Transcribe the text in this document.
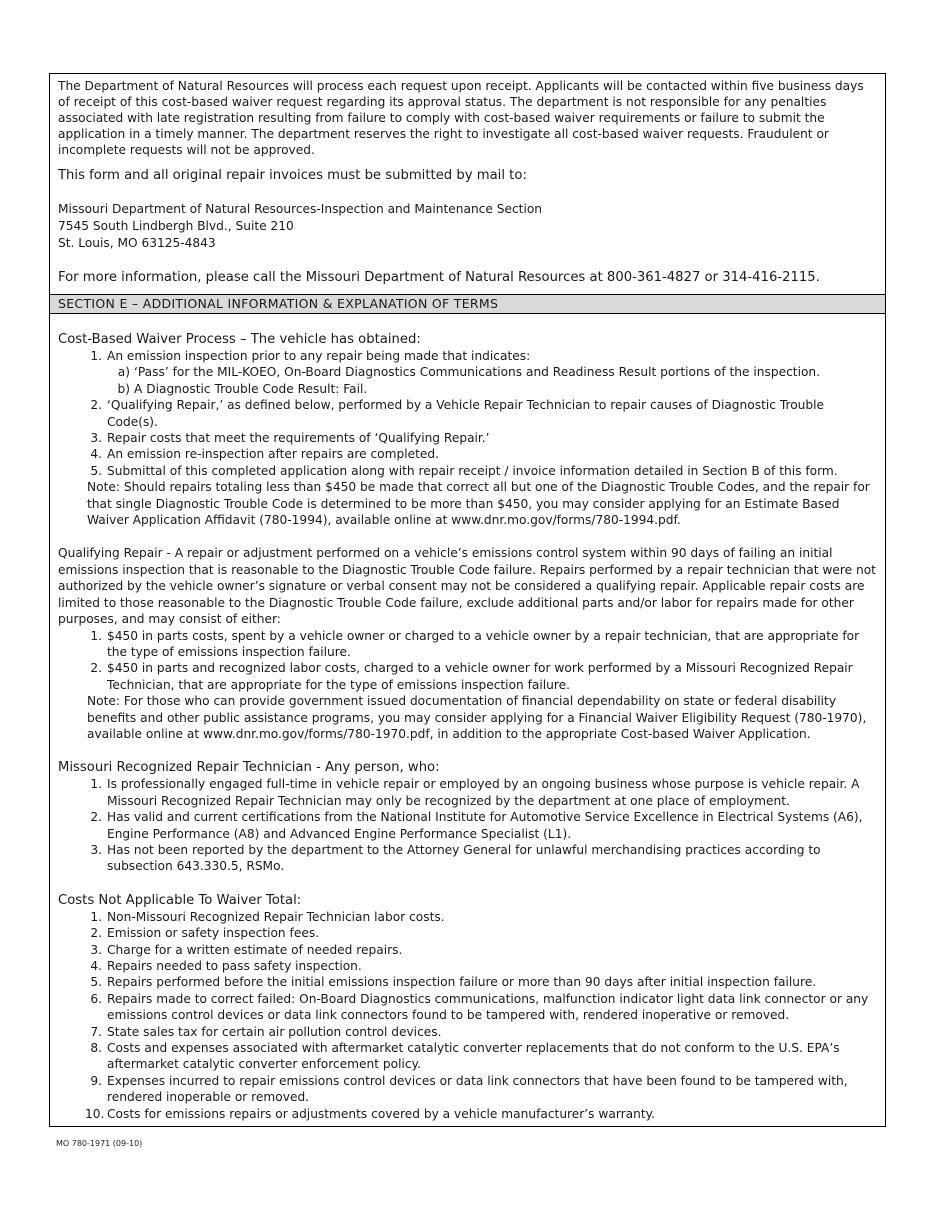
The Department of Natural Resources will process each request upon receipt. Applicants will be contacted within five business days of receipt of this cost-based waiver request regarding its approval status. The department is not responsible for any penalties associated with late registration resulting from failure to comply with cost-based waiver requirements or failure to submit the application in a timely manner. The department reserves the right to investigate all cost-based waiver requests. Fraudulent or incomplete requests will not be approved.

This form and all original repair invoices must be submitted by mail to:

Missouri Department of Natural Resources-Inspection and Maintenance Section

7545 South Lindbergh Blvd., Suite 210

St. Louis, MO 63125-4843

For more information, please call the Missouri Department of Natural Resources at 800-361-4827 or 314-416-2115.

SECTION E – ADDITIONAL INFORMATION & EXPLANATION OF TERMS

Cost-Based Waiver Process – The vehicle has obtained:

1. An emission inspection prior to any repair being made that indicates:
a) ‘Pass’ for the MIL-KOEO, On-Board Diagnostics Communications and Readiness Result portions of the inspection.
b) A Diagnostic Trouble Code Result: Fail.
2. ‘Qualifying Repair,’ as defined below, performed by a Vehicle Repair Technician to repair causes of Diagnostic Trouble Code(s).
3. Repair costs that meet the requirements of ‘Qualifying Repair.’
4. An emission re-inspection after repairs are completed.
5. Submittal of this completed application along with repair receipt / invoice information detailed in Section B of this form.

Note: Should repairs totaling less than $450 be made that correct all but one of the Diagnostic Trouble Codes, and the repair for that single Diagnostic Trouble Code is determined to be more than $450, you may consider applying for an Estimate Based Waiver Application Affidavit (780-1994), available online at www.dnr.mo.gov/forms/780-1994.pdf.

Qualifying Repair - A repair or adjustment performed on a vehicle’s emissions control system within 90 days of failing an initial emissions inspection that is reasonable to the Diagnostic Trouble Code failure. Repairs performed by a repair technician that were not authorized by the vehicle owner’s signature or verbal consent may not be considered a qualifying repair. Applicable repair costs are limited to those reasonable to the Diagnostic Trouble Code failure, exclude additional parts and/or labor for repairs made for other purposes, and may consist of either:

1. $450 in parts costs, spent by a vehicle owner or charged to a vehicle owner by a repair technician, that are appropriate for the type of emissions inspection failure.
2. $450 in parts and recognized labor costs, charged to a vehicle owner for work performed by a Missouri Recognized Repair Technician, that are appropriate for the type of emissions inspection failure.

Note: For those who can provide government issued documentation of financial dependability on state or federal disability benefits and other public assistance programs, you may consider applying for a Financial Waiver Eligibility Request (780-1970), available online at www.dnr.mo.gov/forms/780-1970.pdf, in addition to the appropriate Cost-based Waiver Application.

Missouri Recognized Repair Technician - Any person, who:

1. Is professionally engaged full-time in vehicle repair or employed by an ongoing business whose purpose is vehicle repair. A Missouri Recognized Repair Technician may only be recognized by the department at one place of employment.
2. Has valid and current certifications from the National Institute for Automotive Service Excellence in Electrical Systems (A6), Engine Performance (A8) and Advanced Engine Performance Specialist (L1).
3. Has not been reported by the department to the Attorney General for unlawful merchandising practices according to subsection 643.330.5, RSMo.

Costs Not Applicable To Waiver Total:

1. Non-Missouri Recognized Repair Technician labor costs.
2. Emission or safety inspection fees.
3. Charge for a written estimate of needed repairs.
4. Repairs needed to pass safety inspection.
5. Repairs performed before the initial emissions inspection failure or more than 90 days after initial inspection failure.
6. Repairs made to correct failed: On-Board Diagnostics communications, malfunction indicator light data link connector or any emissions control devices or data link connectors found to be tampered with, rendered inoperative or removed.
7. State sales tax for certain air pollution control devices.
8. Costs and expenses associated with aftermarket catalytic converter replacements that do not conform to the U.S. EPA’s aftermarket catalytic converter enforcement policy.
9. Expenses incurred to repair emissions control devices or data link connectors that have been found to be tampered with, rendered inoperable or removed.
10. Costs for emissions repairs or adjustments covered by a vehicle manufacturer’s warranty.
MO 780-1971 (09-10)
